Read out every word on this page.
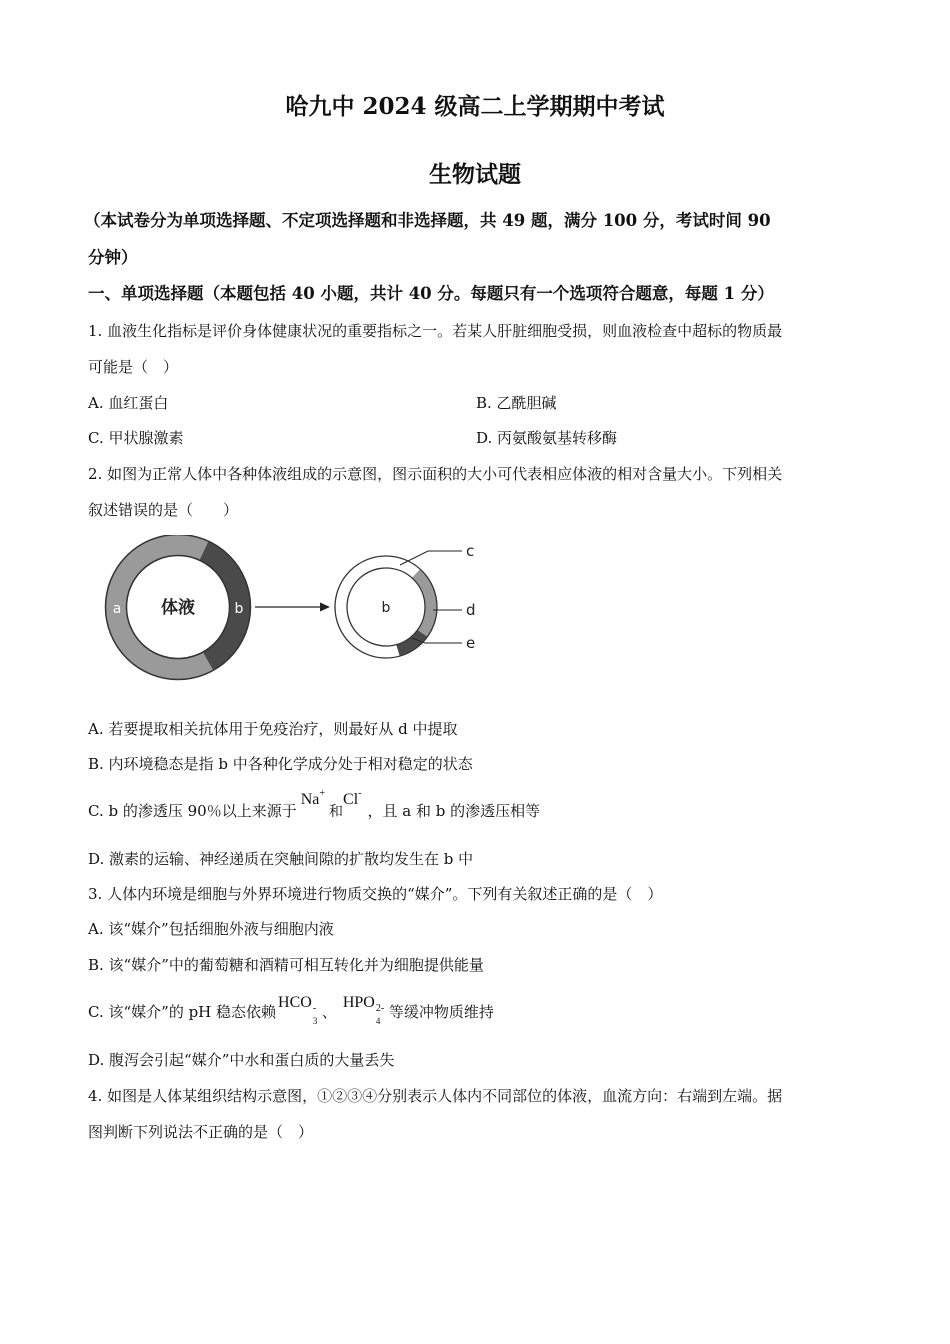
哈九中 2024 级高二上学期期中考试
生物试题
（本试卷分为单项选择题、不定项选择题和非选择题，共 49 题，满分 100 分，考试时间 90
分钟）
一、单项选择题（本题包括 40 小题，共计 40 分。每题只有一个选项符合题意，每题 1 分）
1. 血液生化指标是评价身体健康状况的重要指标之一。若某人肝脏细胞受损，则血液检查中超标的物质最
可能是（　）
A. 血红蛋白	B. 乙酰胆碱
C. 甲状腺激素	D. 丙氨酸氨基转移酶
2. 如图为正常人体中各种体液组成的示意图，图示面积的大小可代表相应体液的相对含量大小。下列相关
叙述错误的是（　　）
体液
a	b	b
c
d
e
A. 若要提取相关抗体用于免疫治疗，则最好从 d 中提取
B. 内环境稳态是指 b 中各种化学成分处于相对稳定的状态
C. b 的渗透压 90％以上来源于Na+和Cl-，且 a 和 b 的渗透压相等
D. 激素的运输、神经递质在突触间隙的扩散均发生在 b 中
3. 人体内环境是细胞与外界环境进行物质交换的“媒介”。下列有关叙述正确的是（　）
A. 该“媒介”包括细胞外液与细胞内液
B. 该“媒介”中的葡萄糖和酒精可相互转化并为细胞提供能量
C. 该“媒介”的 pH 稳态依赖HCO -
3 、HPO 2-
4 等缓冲物质维持
D. 腹泻会引起“媒介”中水和蛋白质的大量丢失
4. 如图是人体某组织结构示意图，①②③④分别表示人体内不同部位的体液，血流方向：右端到左端。据
图判断下列说法不正确的是（　）
